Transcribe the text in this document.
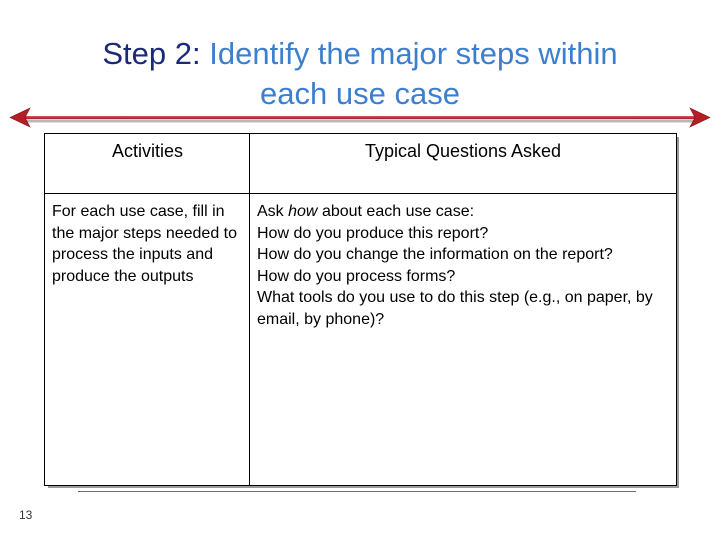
Step 2: Identify the major steps within
each use case
Activities	Typical Questions Asked
For each use case, fill in the major steps needed to process the inputs and produce the outputs
Ask how about each use case:
How do you produce this report?
How do you change the information on the report?
How do you process forms?
What tools do you use to do this step (e.g., on paper, by email, by phone)?
13
